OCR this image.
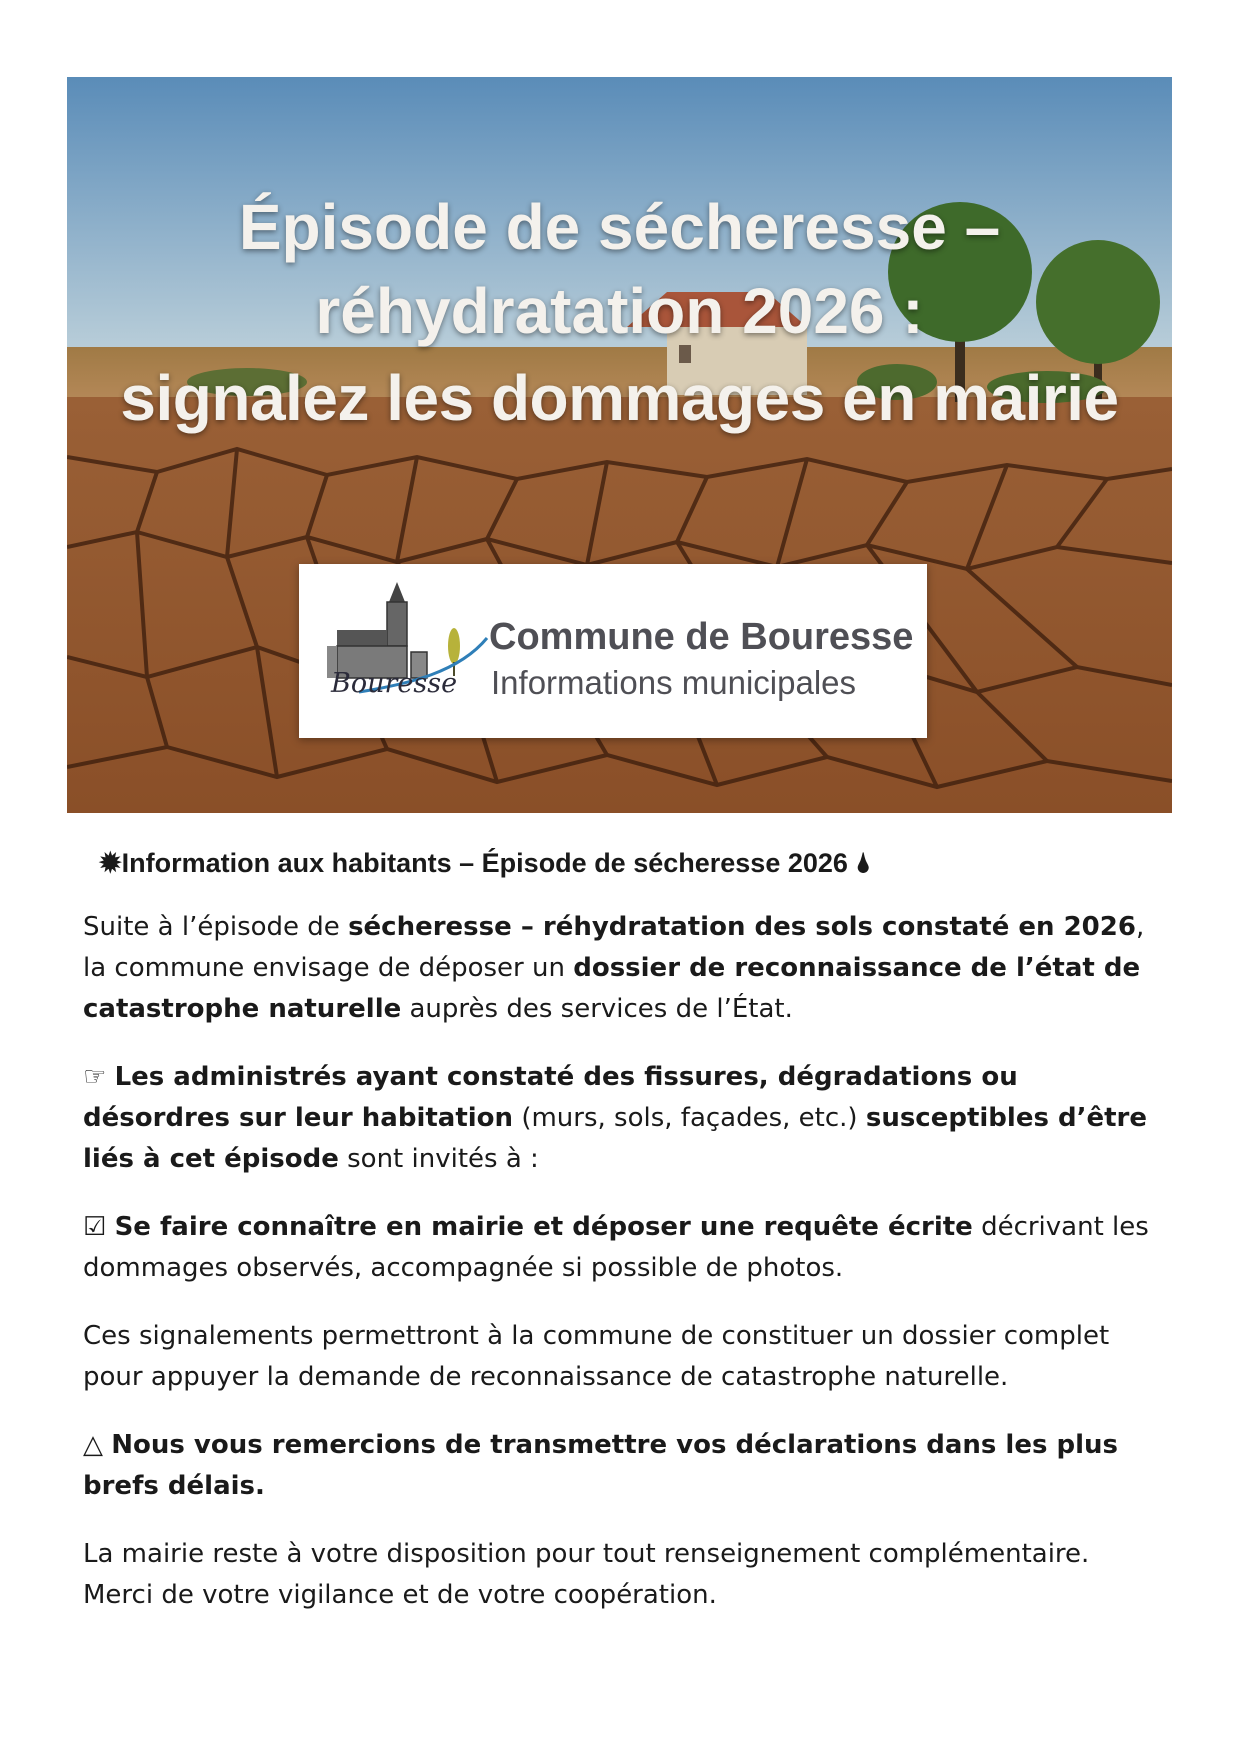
Épisode de sécheresse –
réhydratation 2026 :
signalez les dommages en mairie
Bouresse
Commune de Bouresse
Informations municipales
✹Information aux habitants – Épisode de sécheresse 2026 🌢

Suite à l’épisode de sécheresse – réhydratation des sols constaté en 2026, la commune envisage de déposer un dossier de reconnaissance de l’état de catastrophe naturelle auprès des services de l’État.

☞ Les administrés ayant constaté des fissures, dégradations ou désordres sur leur habitation (murs, sols, façades, etc.) susceptibles d’être liés à cet épisode sont invités à :

☑ Se faire connaître en mairie et déposer une requête écrite décrivant les dommages observés, accompagnée si possible de photos.

Ces signalements permettront à la commune de constituer un dossier complet pour appuyer la demande de reconnaissance de catastrophe naturelle.

△ Nous vous remercions de transmettre vos déclarations dans les plus brefs délais.

La mairie reste à votre disposition pour tout renseignement complémentaire.
Merci de votre vigilance et de votre coopération.
